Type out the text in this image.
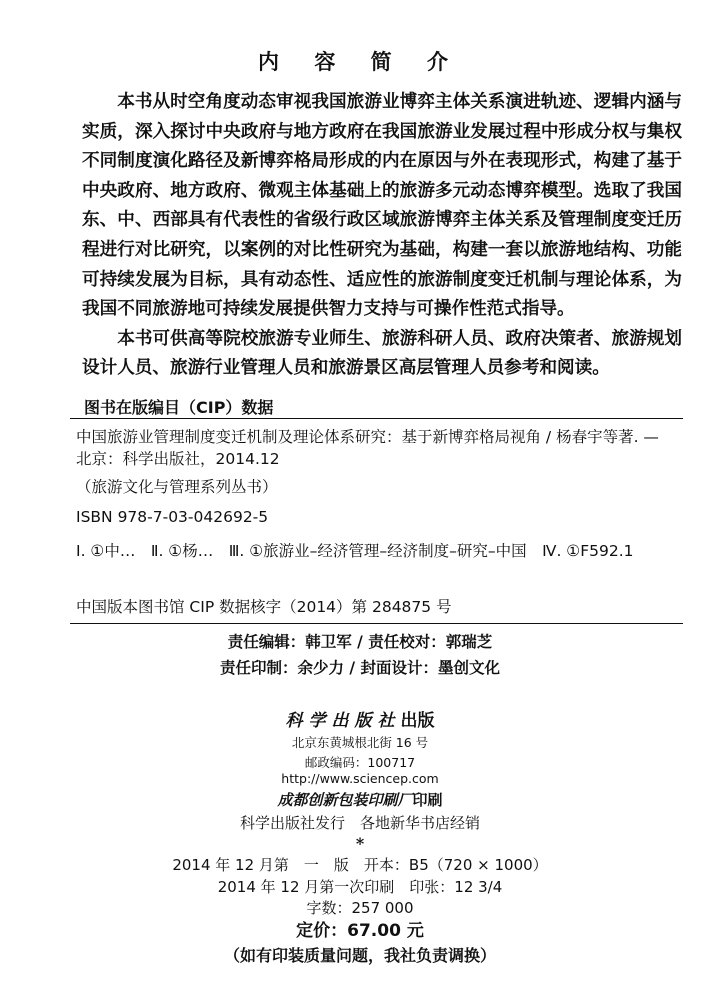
内 容 简 介

本书从时空角度动态审视我国旅游业博弈主体关系演进轨迹、逻辑内涵与实质，深入探讨中央政府与地方政府在我国旅游业发展过程中形成分权与集权不同制度演化路径及新博弈格局形成的内在原因与外在表现形式，构建了基于中央政府、地方政府、微观主体基础上的旅游多元动态博弈模型。选取了我国东、中、西部具有代表性的省级行政区域旅游博弈主体关系及管理制度变迁历程进行对比研究，以案例的对比性研究为基础，构建一套以旅游地结构、功能可持续发展为目标，具有动态性、适应性的旅游制度变迁机制与理论体系，为我国不同旅游地可持续发展提供智力支持与可操作性范式指导。

本书可供高等院校旅游专业师生、旅游科研人员、政府决策者、旅游规划设计人员、旅游行业管理人员和旅游景区高层管理人员参考和阅读。

图书在版编目（CIP）数据
中国旅游业管理制度变迁机制及理论体系研究：基于新博弈格局视角 / 杨春宇等著. —北京：科学出版社，2014.12
（旅游文化与管理系列丛书）
ISBN 978-7-03-042692-5
Ⅰ. ①中…　Ⅱ. ①杨…　Ⅲ. ①旅游业–经济管理–经济制度–研究–中国　Ⅳ. ①F592.1
中国版本图书馆 CIP 数据核字（2014）第 284875 号
责任编辑：韩卫军 / 责任校对：郭瑞芝
责任印制：余少力 / 封面设计：墨创文化
科学出版社出版
北京东黄城根北街 16 号
邮政编码：100717
http://www.sciencep.com
成都创新包装印刷厂印刷
科学出版社发行　各地新华书店经销
*
2014 年 12 月第　一　版　开本：B5（720 × 1000）
2014 年 12 月第一次印刷　印张：12 3/4
字数：257 000
定价：67.00 元
（如有印装质量问题，我社负责调换）
